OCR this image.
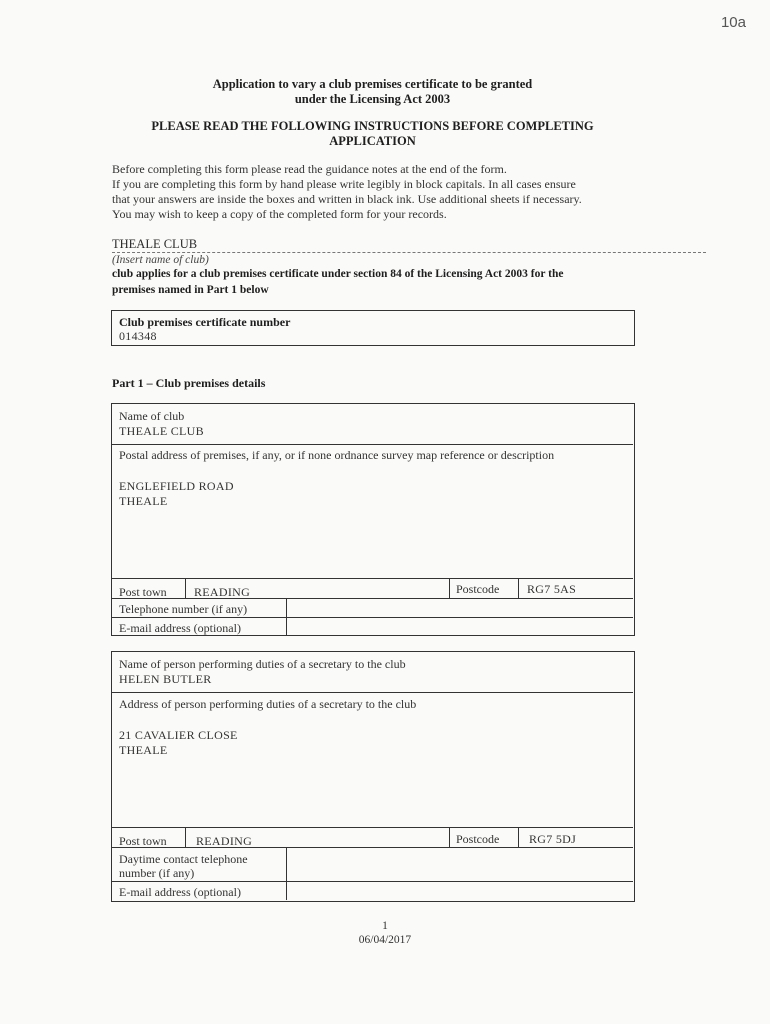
10a
Application to vary a club premises certificate to be granted
under the Licensing Act 2003
PLEASE READ THE FOLLOWING INSTRUCTIONS BEFORE COMPLETING
APPLICATION
Before completing this form please read the guidance notes at the end of the form.
If you are completing this form by hand please write legibly in block capitals. In all cases ensure
that your answers are inside the boxes and written in black ink. Use additional sheets if necessary.
You may wish to keep a copy of the completed form for your records.
THEALE CLUB
(Insert name of club)
club applies for a club premises certificate under section 84 of the Licensing Act 2003 for the
premises named in Part 1 below
Club premises certificate number
014348
Part 1 – Club premises details
Name of club
THEALE CLUB
Postal address of premises, if any, or if none ordnance survey map reference or description
ENGLEFIELD ROAD
THEALE
Post town READING	Postcode RG7 5AS
Telephone number (if any)
E-mail address (optional)
Name of person performing duties of a secretary to the club
HELEN BUTLER
Address of person performing duties of a secretary to the club
21 CAVALIER CLOSE
THEALE
Post town READING	Postcode RG7 5DJ
Daytime contact telephone
number (if any)
E-mail address (optional)
1
06/04/2017
